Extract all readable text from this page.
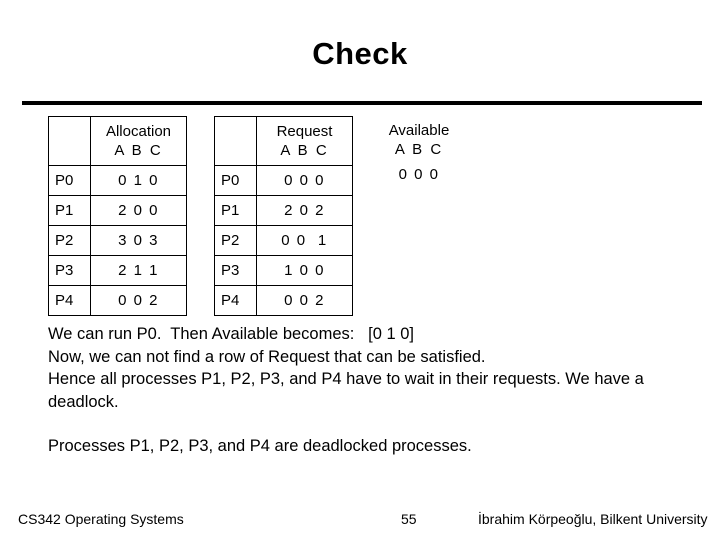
Check

	Allocation
A B C

P0	0 1 0
P1	2 0 0
P2	3 0 3
P3	2 1 1
P4	0 0 2

	Request
A B C

P0	0 0 0
P1	2 0 2
P2	0 0  1
P3	1 0 0
P4	0 0 2
Available
A B C
0 0 0

We can run P0.  Then Available becomes:   [0 1 0]

Now, we can not find a row of Request that can be satisfied.

Hence all processes P1, P2, P3, and P4 have to wait in their requests. We have a deadlock.

Processes P1, P2, P3, and P4 are deadlocked processes.

CS342 Operating Systems	55	İbrahim Körpeoğlu, Bilkent University
